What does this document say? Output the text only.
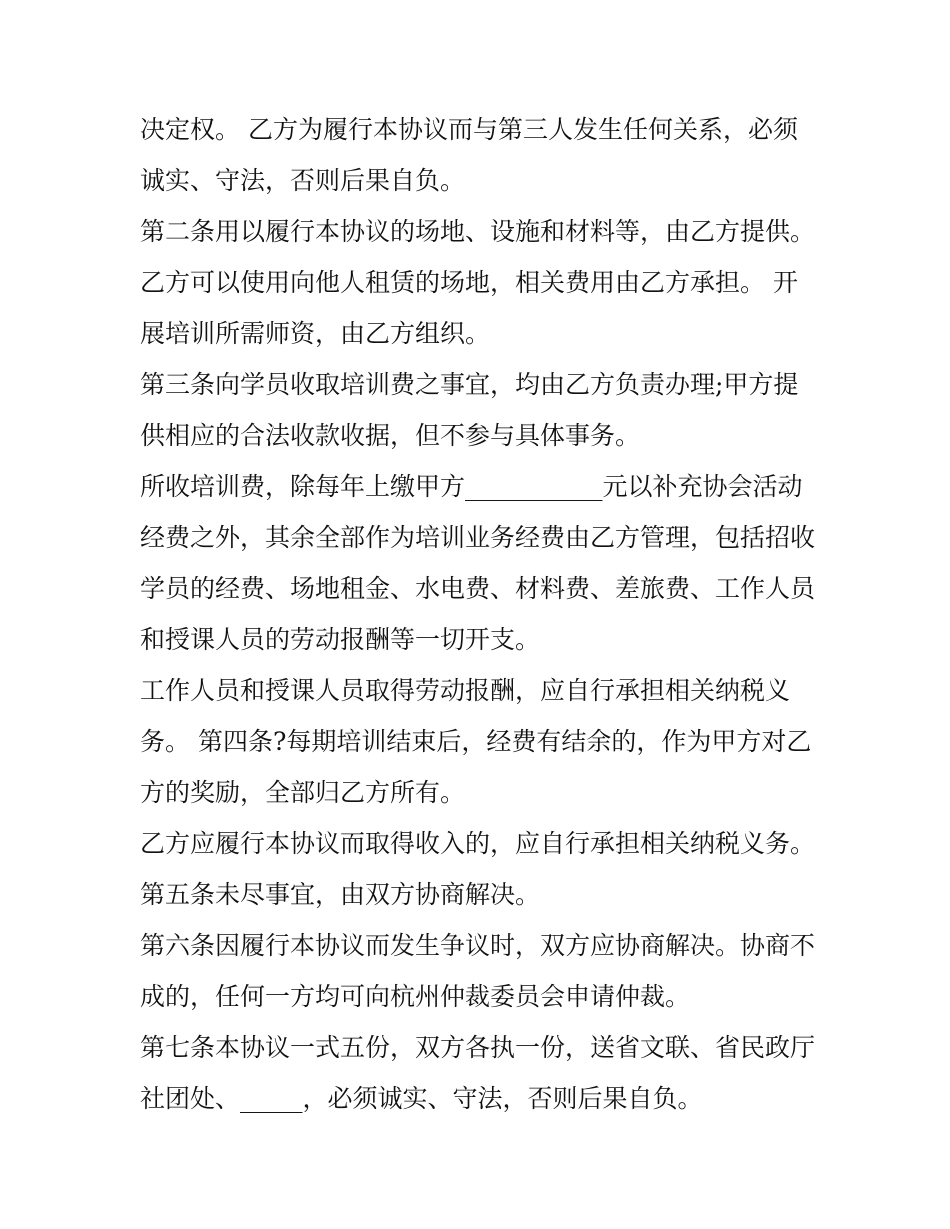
决定权。 乙方为履行本协议而与第三人发生任何关系，必须
诚实、守法，否则后果自负。
第二条用以履行本协议的场地、设施和材料等，由乙方提供。
乙方可以使用向他人租赁的场地，相关费用由乙方承担。 开
展培训所需师资，由乙方组织。
第三条向学员收取培训费之事宜，均由乙方负责办理;甲方提
供相应的合法收款收据，但不参与具体事务。
所收培训费，除每年上缴甲方___________元以补充协会活动
经费之外，其余全部作为培训业务经费由乙方管理，包括招收
学员的经费、场地租金、水电费、材料费、差旅费、工作人员
和授课人员的劳动报酬等一切开支。
工作人员和授课人员取得劳动报酬，应自行承担相关纳税义
务。 第四条?每期培训结束后，经费有结余的，作为甲方对乙
方的奖励，全部归乙方所有。
乙方应履行本协议而取得收入的，应自行承担相关纳税义务。
第五条未尽事宜，由双方协商解决。
第六条因履行本协议而发生争议时，双方应协商解决。协商不
成的，任何一方均可向杭州仲裁委员会申请仲裁。
第七条本协议一式五份，双方各执一份，送省文联、省民政厅
社团处、_____，必须诚实、守法，否则后果自负。
